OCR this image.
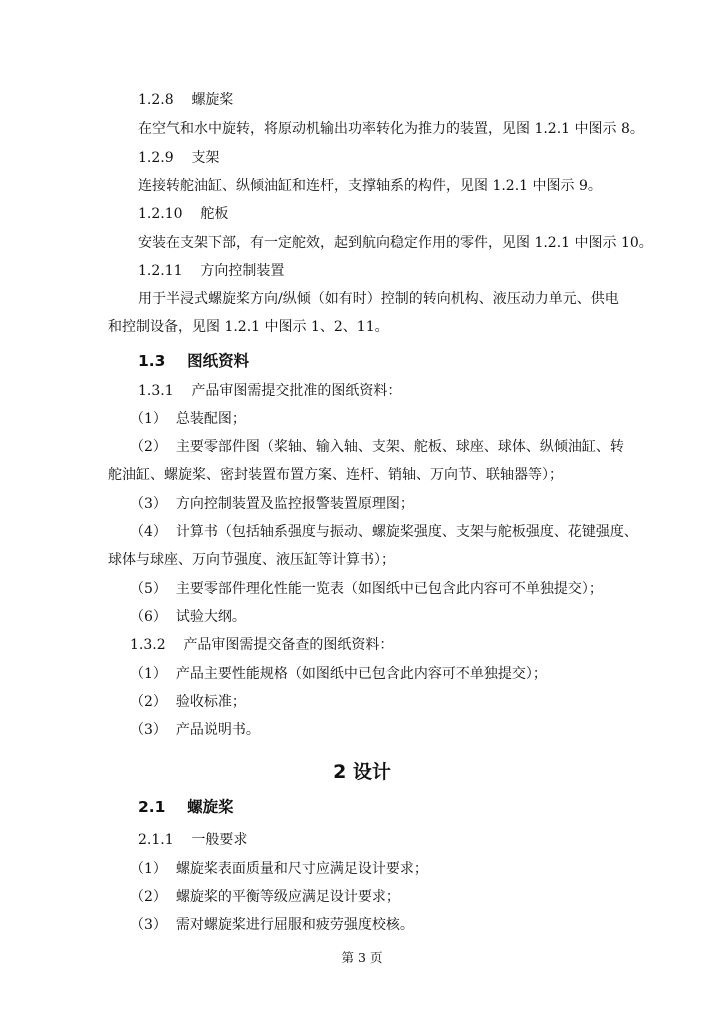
1.2.8 螺旋桨
在空气和水中旋转，将原动机输出功率转化为推力的装置，见图 1.2.1 中图示 8。
1.2.9 支架
连接转舵油缸、纵倾油缸和连杆，支撑轴系的构件，见图 1.2.1 中图示 9。
1.2.10 舵板
安装在支架下部，有一定舵效，起到航向稳定作用的零件，见图 1.2.1 中图示 10。
1.2.11 方向控制装置
用于半浸式螺旋桨方向/纵倾（如有时）控制的转向机构、液压动力单元、供电
和控制设备，见图 1.2.1 中图示 1、2、11。
1.3 图纸资料
1.3.1 产品审图需提交批准的图纸资料：
（1） 总装配图；
（2） 主要零部件图（桨轴、输入轴、支架、舵板、球座、球体、纵倾油缸、转
舵油缸、螺旋桨、密封装置布置方案、连杆、销轴、万向节、联轴器等）；
（3） 方向控制装置及监控报警装置原理图；
（4） 计算书（包括轴系强度与振动、螺旋桨强度、支架与舵板强度、花键强度、
球体与球座、万向节强度、液压缸等计算书）；
（5） 主要零部件理化性能一览表（如图纸中已包含此内容可不单独提交）；
（6） 试验大纲。
1.3.2 产品审图需提交备查的图纸资料：
（1） 产品主要性能规格（如图纸中已包含此内容可不单独提交）；
（2） 验收标准；
（3） 产品说明书。
2 设计
2.1 螺旋桨
2.1.1 一般要求
（1） 螺旋桨表面质量和尺寸应满足设计要求；
（2） 螺旋桨的平衡等级应满足设计要求；
（3） 需对螺旋桨进行屈服和疲劳强度校核。
第 3 页
